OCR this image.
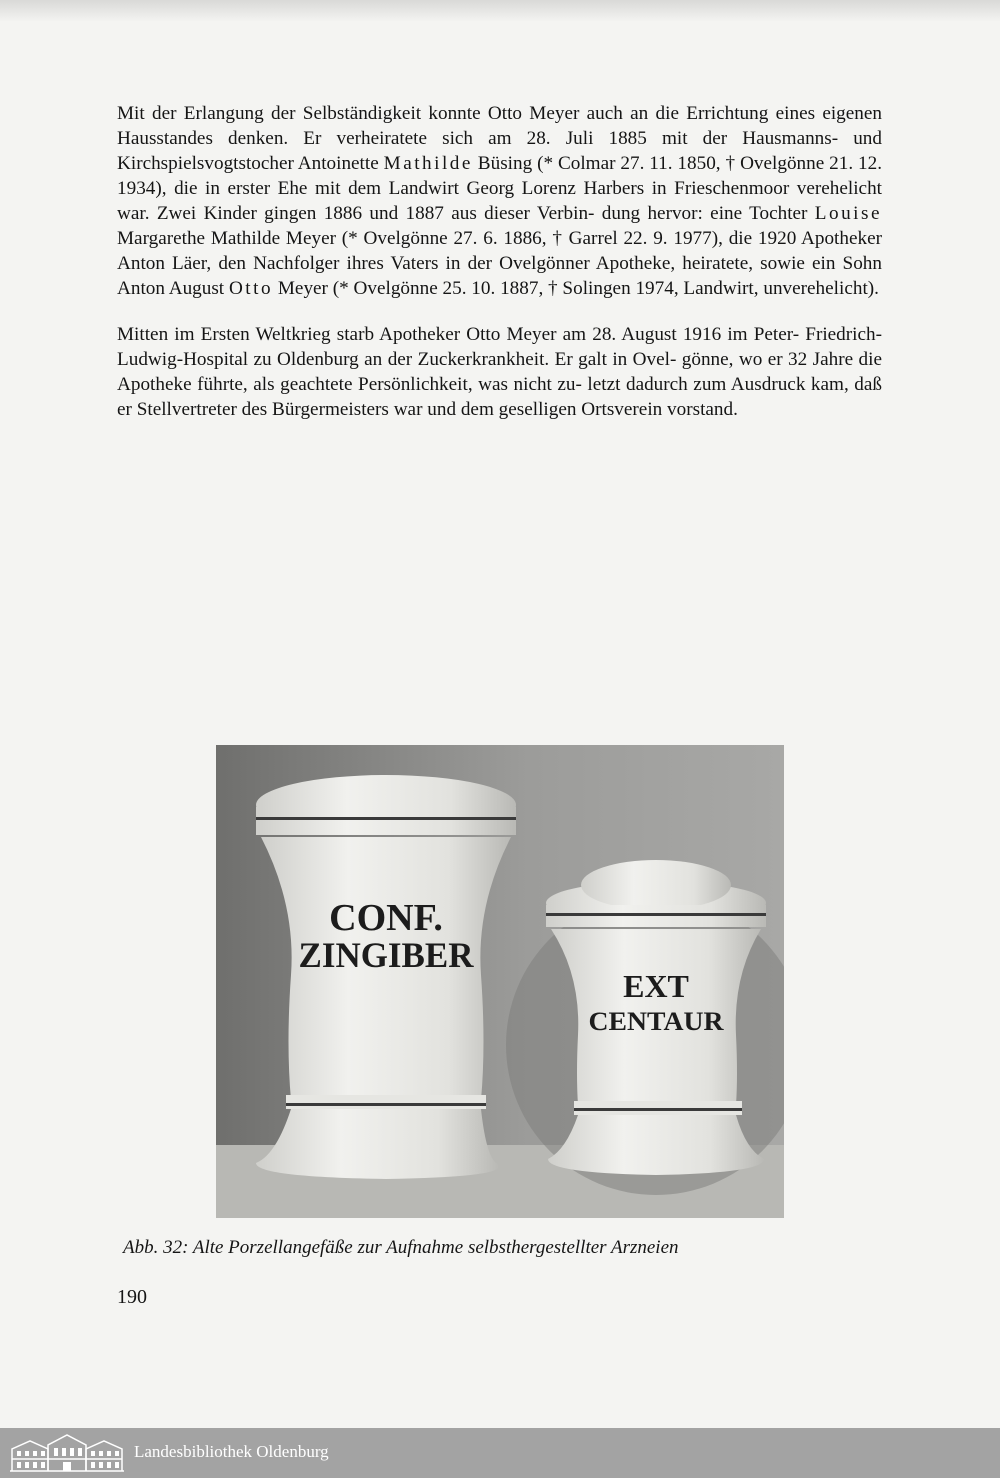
Mit der Erlangung der Selbständigkeit konnte Otto Meyer auch an die Errichtung eines eigenen Hausstandes denken. Er verheiratete sich am 28. Juli 1885 mit der Hausmanns- und Kirchspielsvogtstocher Antoinette Mathilde Büsing (* Colmar 27. 11. 1850, † Ovelgönne 21. 12. 1934), die in erster Ehe mit dem Landwirt Georg Lorenz Harbers in Frieschenmoor verehelicht war. Zwei Kinder gingen 1886 und 1887 aus dieser Verbin- dung hervor: eine Tochter Louise Margarethe Mathilde Meyer (* Ovelgönne 27. 6. 1886, † Garrel 22. 9. 1977), die 1920 Apotheker Anton Läer, den Nachfolger ihres Vaters in der Ovelgönner Apotheke, heiratete, sowie ein Sohn Anton August Otto Meyer (* Ovelgönne 25. 10. 1887, † Solingen 1974, Landwirt, unverehelicht).

Mitten im Ersten Weltkrieg starb Apotheker Otto Meyer am 28. August 1916 im Peter- Friedrich-Ludwig-Hospital zu Oldenburg an der Zuckerkrankheit. Er galt in Ovel- gönne, wo er 32 Jahre die Apotheke führte, als geachtete Persönlichkeit, was nicht zu- letzt dadurch zum Ausdruck kam, daß er Stellvertreter des Bürgermeisters war und dem geselligen Ortsverein vorstand.

CONF.
ZINGIBER
EXT
CENTAUR

Abb. 32: Alte Porzellangefäße zur Aufnahme selbsthergestellter Arzneien

190
Landesbibliothek Oldenburg
